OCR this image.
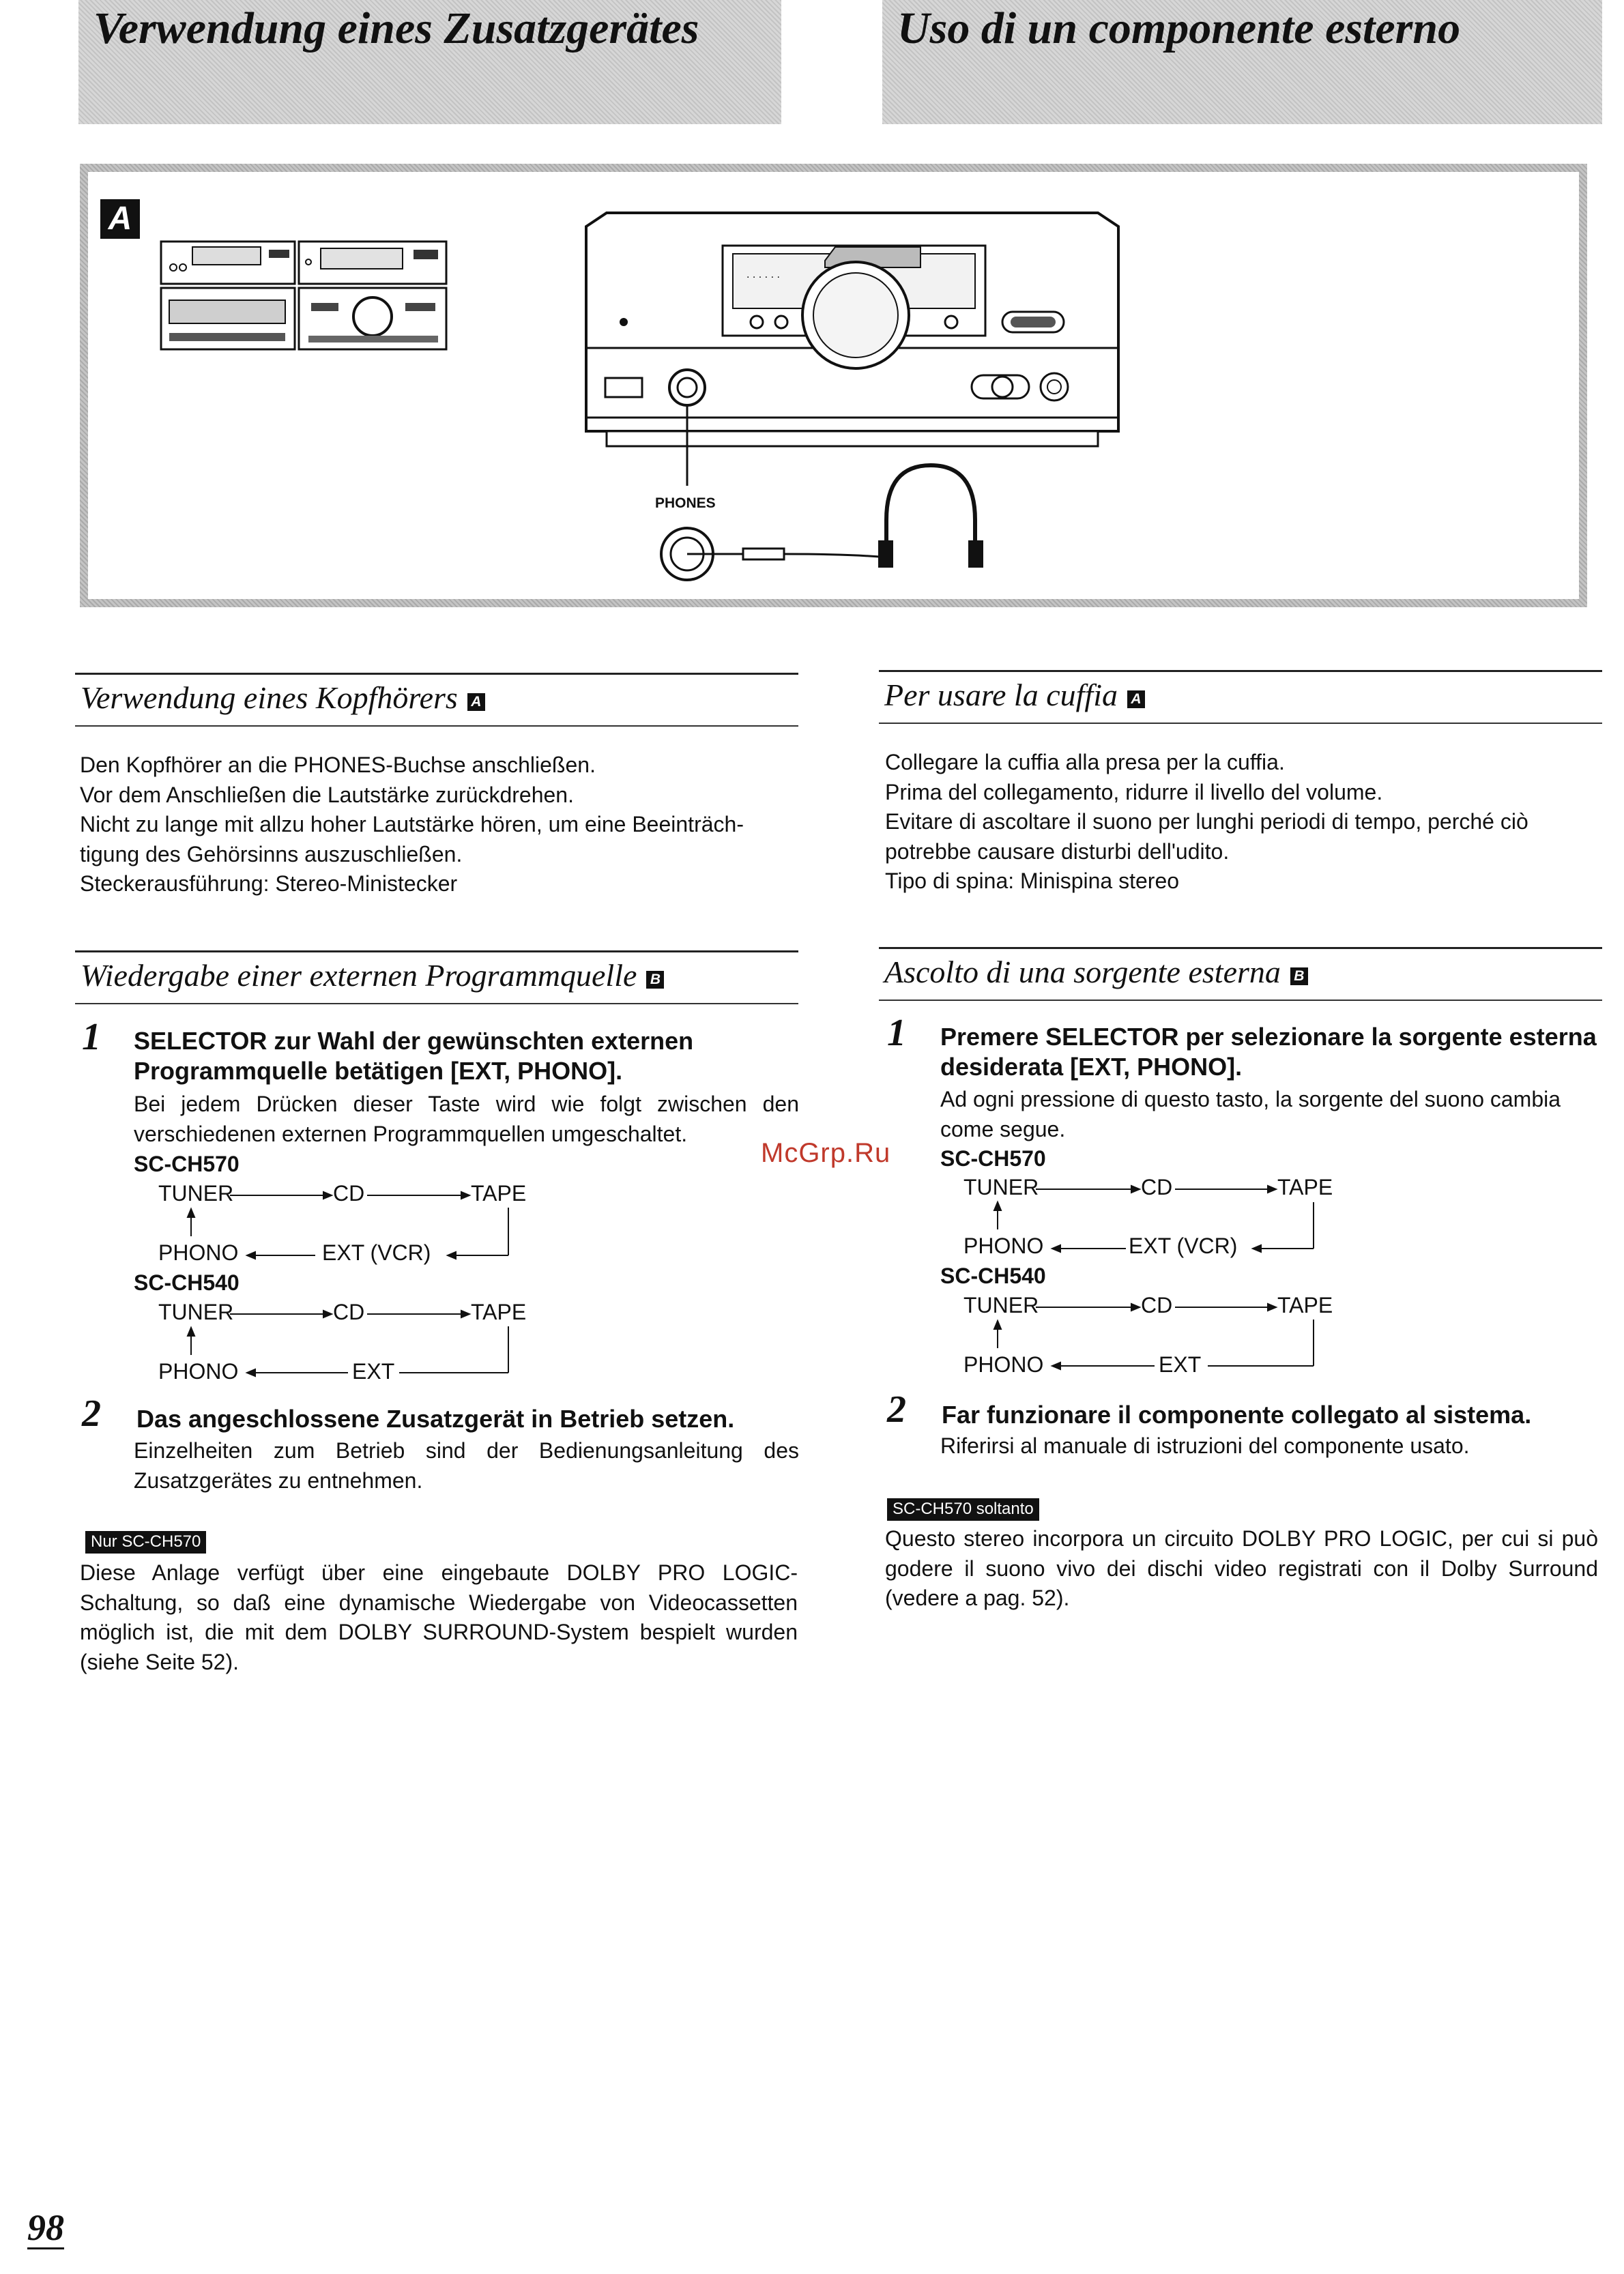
Verwendung eines Zusatzgerätes	Uso di un componente esterno
A
. . . . . .
PHONES
Verwendung eines Kopfhörers A

Den Kopfhörer an die PHONES-Buchse anschließen.

Vor dem Anschließen die Lautstärke zurückdrehen.

Nicht zu lange mit allzu hoher Lautstärke hören, um eine Beeinträch-tigung des Gehörsinns auszuschließen.

Steckerausführung: Stereo-Ministecker

Wiedergabe einer externen Programmquelle B
1 SELECTOR zur Wahl der gewünschten externen Programmquelle betätigen [EXT, PHONO].
Bei jedem Drücken dieser Taste wird wie folgt zwischen den verschiedenen externen Programmquellen umgeschaltet.
SC-CH570
TUNER	CD	TAPE
PHONO	EXT (VCR)
SC-CH540
TUNER	CD	TAPE
PHONO	EXT
2 Das angeschlossene Zusatzgerät in Betrieb setzen.
Einzelheiten zum Betrieb sind der Bedienungsanleitung des Zusatzgerätes zu entnehmen.
Nur SC-CH570
Diese Anlage verfügt über eine eingebaute DOLBY PRO LOGIC-Schaltung, so daß eine dynamische Wiedergabe von Videocassetten möglich ist, die mit dem DOLBY SURROUND-System bespielt wurden (siehe Seite 52).
Per usare la cuffia A

Collegare la cuffia alla presa per la cuffia.

Prima del collegamento, ridurre il livello del volume.

Evitare di ascoltare il suono per lunghi periodi di tempo, perché ciò potrebbe causare disturbi dell'udito.

Tipo di spina: Minispina stereo

Ascolto di una sorgente esterna B
1 Premere SELECTOR per selezionare la sorgente esterna desiderata [EXT, PHONO].
Ad ogni pressione di questo tasto, la sorgente del suono cambia come segue.
SC-CH570
TUNER	CD	TAPE
PHONO	EXT (VCR)
SC-CH540
TUNER	CD	TAPE
PHONO	EXT
2 Far funzionare il componente collegato al sistema.
Riferirsi al manuale di istruzioni del componente usato.
SC-CH570 soltanto
Questo stereo incorpora un circuito DOLBY PRO LOGIC, per cui si può godere il suono vivo dei dischi video registrati con il Dolby Surround (vedere a pag. 52).
McGrp.Ru
98
